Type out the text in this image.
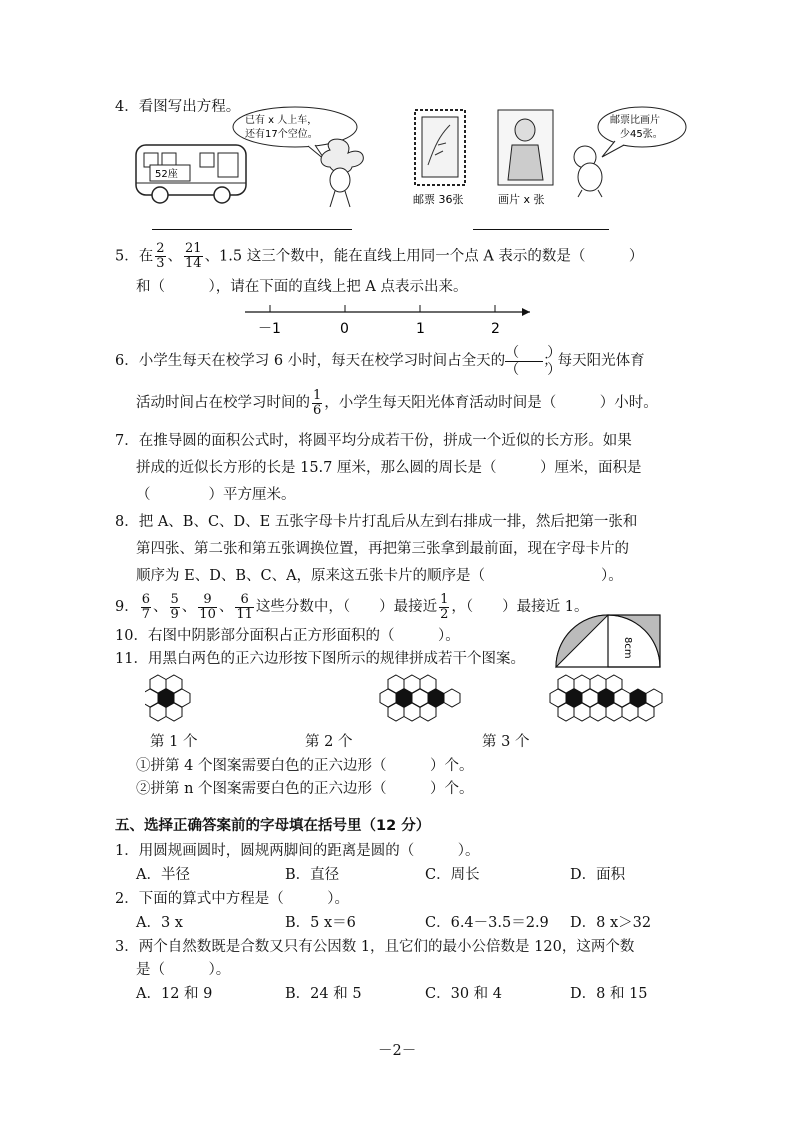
4．看图写出方程。
52座
已有 x 人上车，
还有17个空位。
邮票比画片
少45张。
邮票 36张	画片 x 张
5．在 $\frac{2}{3}$ 、 $\frac{21}{14}$ 、1.5 这三个数中，能在直线上用同一个点 A 表示的数是（　　　）
和（　　　），请在下面的直线上把 A 点表示出来。
－1	0	1	2
6．小学生每天在校学习 6 小时，每天在校学习时间占全天的 $\frac{( )}{( )}$ ；每天阳光体育
活动时间占在校学习时间的 $\frac{1}{6}$ ，小学生每天阳光体育活动时间是（　　　）小时。
7．在推导圆的面积公式时，将圆平均分成若干份，拼成一个近似的长方形。如果
拼成的近似长方形的长是 15.7 厘米，那么圆的周长是（　　　）厘米，面积是
（　　　　）平方厘米。
8．把 A、B、C、D、E 五张字母卡片打乱后从左到右排成一排，然后把第一张和
第四张、第二张和第五张调换位置，再把第三张拿到最前面，现在字母卡片的
顺序为 E、D、B、C、A，原来这五张卡片的顺序是（　　　　　　　　）。
9． $\frac{6}{7}$ 、 $\frac{5}{9}$ 、 $\frac{9}{10}$ 、 $\frac{6}{11}$ 这些分数中，（　　）最接近 $\frac{1}{2}$ ，（　　）最接近 1。
10．右图中阴影部分面积占正方形面积的（　　　）。
8cm
11．用黑白两色的正六边形按下图所示的规律拼成若干个图案。
第 1 个	第 2 个	第 3 个
①拼第 4 个图案需要白色的正六边形（　　　）个。
②拼第 n 个图案需要白色的正六边形（　　　）个。
五、选择正确答案前的字母填在括号里（12 分）
1．用圆规画圆时，圆规两脚间的距离是圆的（　　　）。
A．半径	B．直径	C．周长	D．面积
2．下面的算式中方程是（　　　）。
A．3 x	B．5 x＝6	C．6.4－3.5＝2.9 D．8 x＞32
3．两个自然数既是合数又只有公因数 1，且它们的最小公倍数是 120，这两个数
是（　　　）。
A．12 和 9	B．24 和 5	C．30 和 4	D．8 和 15
－2－
